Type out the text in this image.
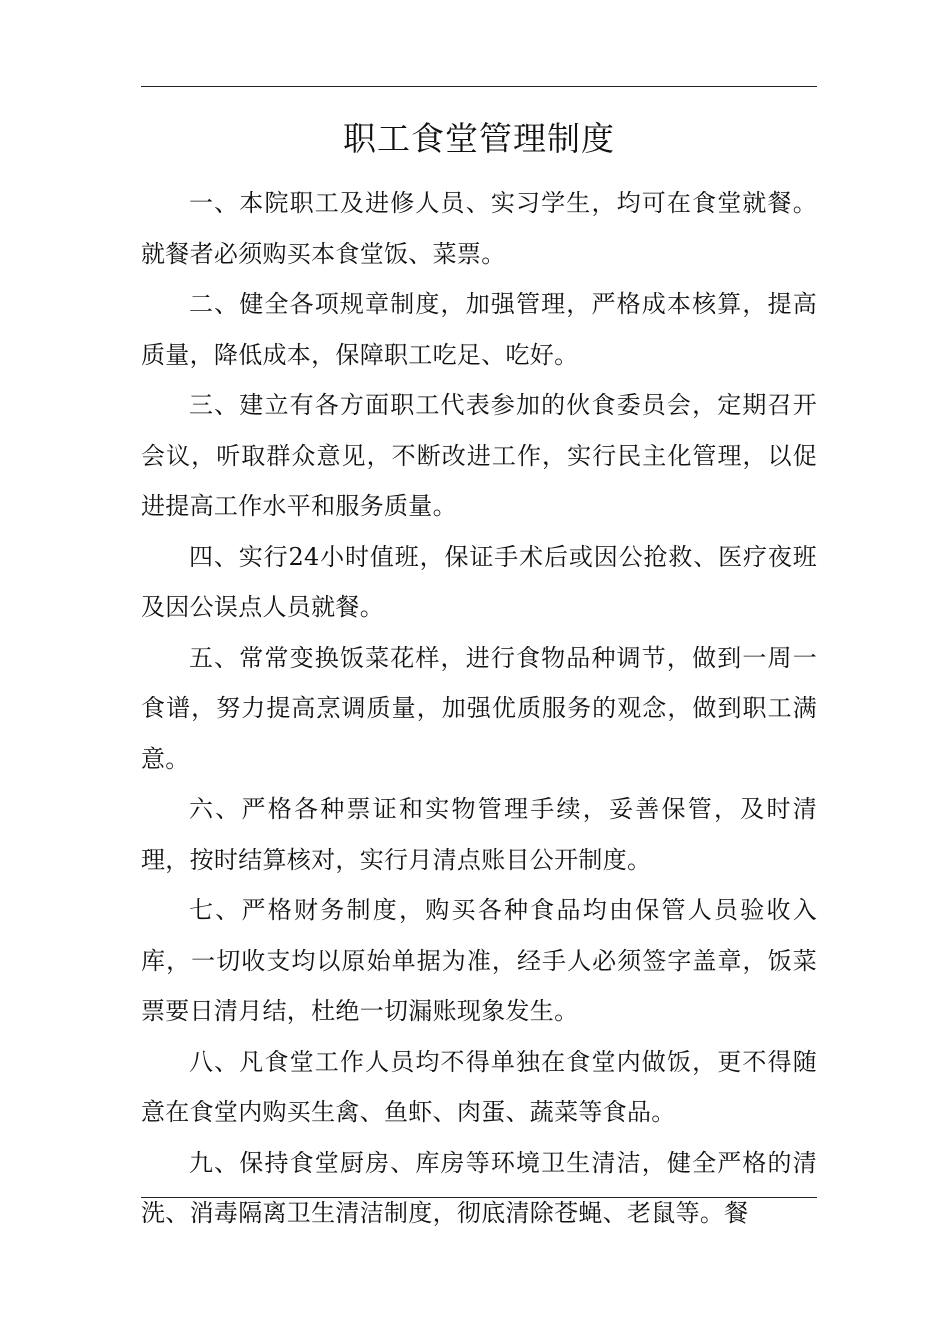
职工食堂管理制度

一、本院职工及进修人员、实习学生，均可在食堂就餐。就餐者必须购买本食堂饭、菜票。

二、健全各项规章制度，加强管理，严格成本核算，提高质量，降低成本，保障职工吃足、吃好。

三、建立有各方面职工代表参加的伙食委员会，定期召开会议，听取群众意见，不断改进工作，实行民主化管理，以促进提高工作水平和服务质量。

四、实行24小时值班，保证手术后或因公抢救、医疗夜班及因公误点人员就餐。

五、常常变换饭菜花样，进行食物品种调节，做到一周一食谱，努力提高烹调质量，加强优质服务的观念，做到职工满意。

六、严格各种票证和实物管理手续，妥善保管，及时清理，按时结算核对，实行月清点账目公开制度。

七、严格财务制度，购买各种食品均由保管人员验收入库，一切收支均以原始单据为准，经手人必须签字盖章，饭菜票要日清月结，杜绝一切漏账现象发生。

八、凡食堂工作人员均不得单独在食堂内做饭，更不得随意在食堂内购买生禽、鱼虾、肉蛋、蔬菜等食品。

九、保持食堂厨房、库房等环境卫生清洁，健全严格的清洗、消毒隔离卫生清洁制度，彻底清除苍蝇、老鼠等。餐
